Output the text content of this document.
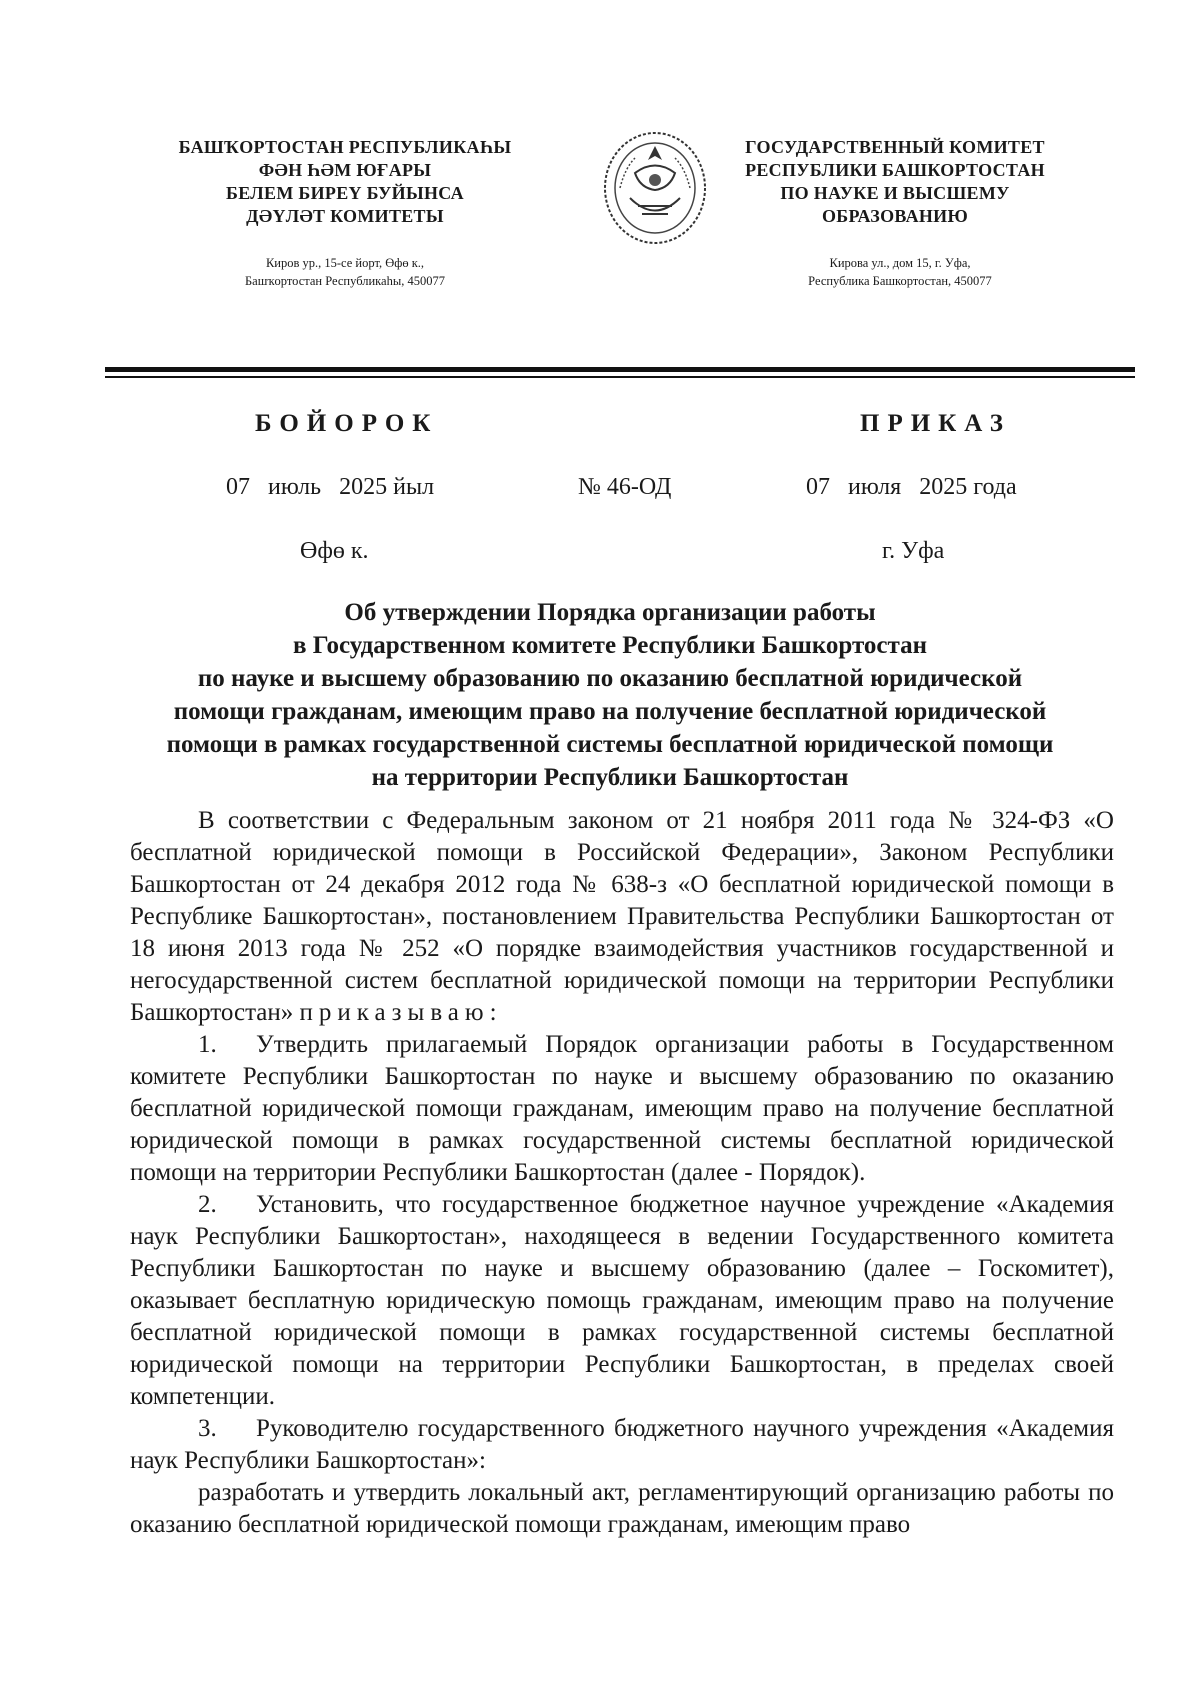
БАШҠОРТОСТАН РЕСПУБЛИКАҺЫ
ФӘН ҺӘМ ЮҒАРЫ
БЕЛЕМ БИРЕҮ БУЙЫНСА
ДӘҮЛӘТ КОМИТЕТЫ
Киров ур., 15-се йорт, Өфө к.,
Башҡортостан Республикаһы, 450077
ГОСУДАРСТВЕННЫЙ КОМИТЕТ
РЕСПУБЛИКИ БАШКОРТОСТАН
ПО НАУКЕ И ВЫСШЕМУ
ОБРАЗОВАНИЮ
Кирова ул., дом 15, г. Уфа,
Республика Башкортостан, 450077
БОЙОРОК	ПРИКАЗ
07   июль   2025 йыл	№ 46-ОД	07   июля   2025 года
Өфө к.	г. Уфа
Об утверждении Порядка организации работы
в Государственном комитете Республики Башкортостан
по науке и высшему образованию по оказанию бесплатной юридической
помощи гражданам, имеющим право на получение бесплатной юридической
помощи в рамках государственной системы бесплатной юридической помощи
на территории Республики Башкортостан

В соответствии с Федеральным законом от 21 ноября 2011 года № 324-ФЗ «О бесплатной юридической помощи в Российской Федерации», Законом Республики Башкортостан от 24 декабря 2012 года № 638-з «О бесплатной юридической помощи в Республике Башкортостан», постановлением Правительства Республики Башкортостан от 18 июня 2013 года № 252 «О порядке взаимодействия участников государственной и негосударственной систем бесплатной юридической помощи на территории Республики Башкортостан» приказываю:

1. Утвердить прилагаемый Порядок организации работы в Государственном комитете Республики Башкортостан по науке и высшему образованию по оказанию бесплатной юридической помощи гражданам, имеющим право на получение бесплатной юридической помощи в рамках государственной системы бесплатной юридической помощи на территории Республики Башкортостан (далее - Порядок).

2. Установить, что государственное бюджетное научное учреждение «Академия наук Республики Башкортостан», находящееся в ведении Государственного комитета Республики Башкортостан по науке и высшему образованию (далее – Госкомитет), оказывает бесплатную юридическую помощь гражданам, имеющим право на получение бесплатной юридической помощи в рамках государственной системы бесплатной юридической помощи на территории Республики Башкортостан, в пределах своей компетенции.

3. Руководителю государственного бюджетного научного учреждения «Академия наук Республики Башкортостан»:

разработать и утвердить локальный акт, регламентирующий организацию работы по оказанию бесплатной юридической помощи гражданам, имеющим право
